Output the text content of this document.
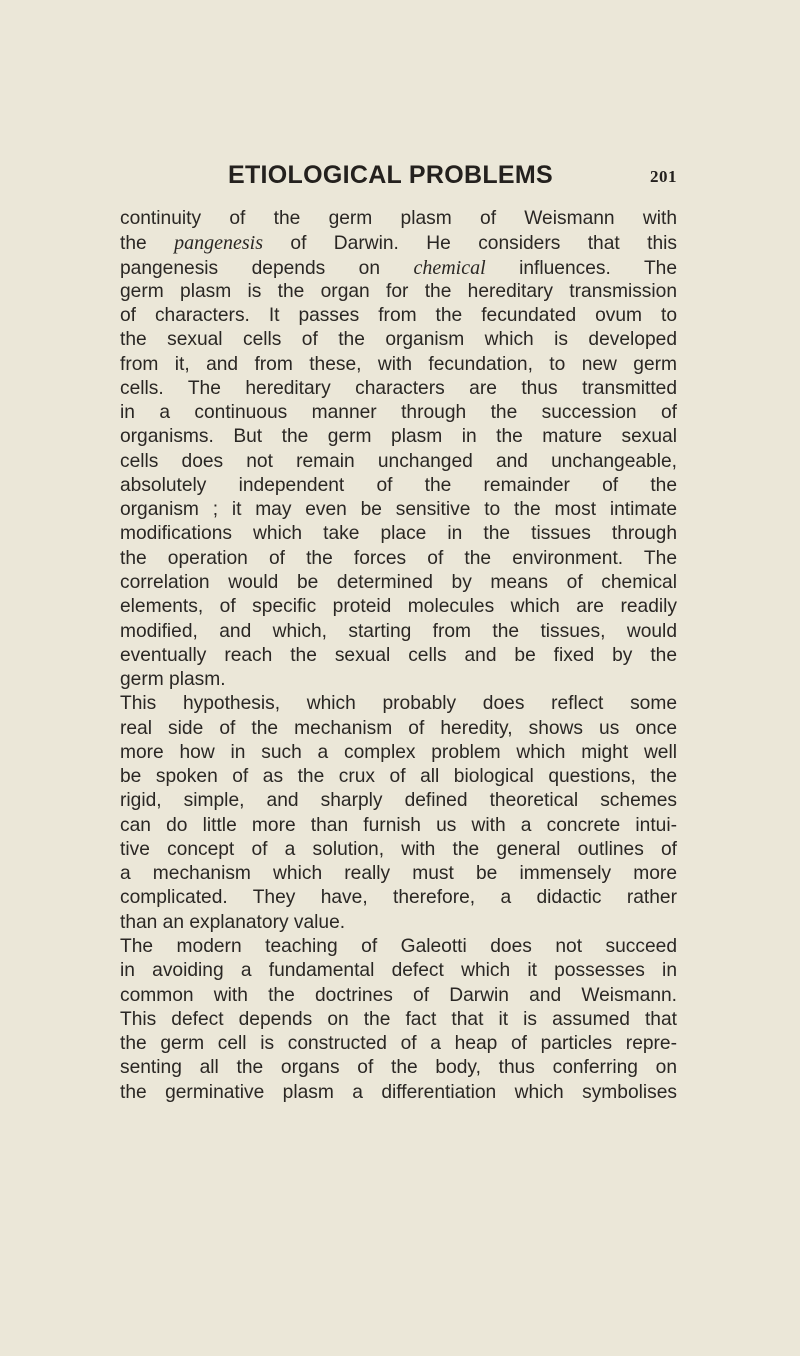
ETIOLOGICAL PROBLEMS	201
continuity of the germ plasm of Weismann with
the pangenesis of Darwin. He considers that this
pangenesis depends on chemical influences. The
germ plasm is the organ for the hereditary transmission
of characters. It passes from the fecundated ovum to
the sexual cells of the organism which is developed
from it, and from these, with fecundation, to new germ
cells. The hereditary characters are thus transmitted
in a continuous manner through the succession of
organisms. But the germ plasm in the mature sexual
cells does not remain unchanged and unchangeable,
absolutely independent of the remainder of the
organism ; it may even be sensitive to the most intimate
modifications which take place in the tissues through
the operation of the forces of the environment. The
correlation would be determined by means of chemical
elements, of specific proteid molecules which are readily
modified, and which, starting from the tissues, would
eventually reach the sexual cells and be fixed by the
germ plasm.
This hypothesis, which probably does reflect some
real side of the mechanism of heredity, shows us once
more how in such a complex problem which might well
be spoken of as the crux of all biological questions, the
rigid, simple, and sharply defined theoretical schemes
can do little more than furnish us with a concrete intui-
tive concept of a solution, with the general outlines of
a mechanism which really must be immensely more
complicated. They have, therefore, a didactic rather
than an explanatory value.
The modern teaching of Galeotti does not succeed
in avoiding a fundamental defect which it possesses in
common with the doctrines of Darwin and Weismann.
This defect depends on the fact that it is assumed that
the germ cell is constructed of a heap of particles repre-
senting all the organs of the body, thus conferring on
the germinative plasm a differentiation which symbolises
